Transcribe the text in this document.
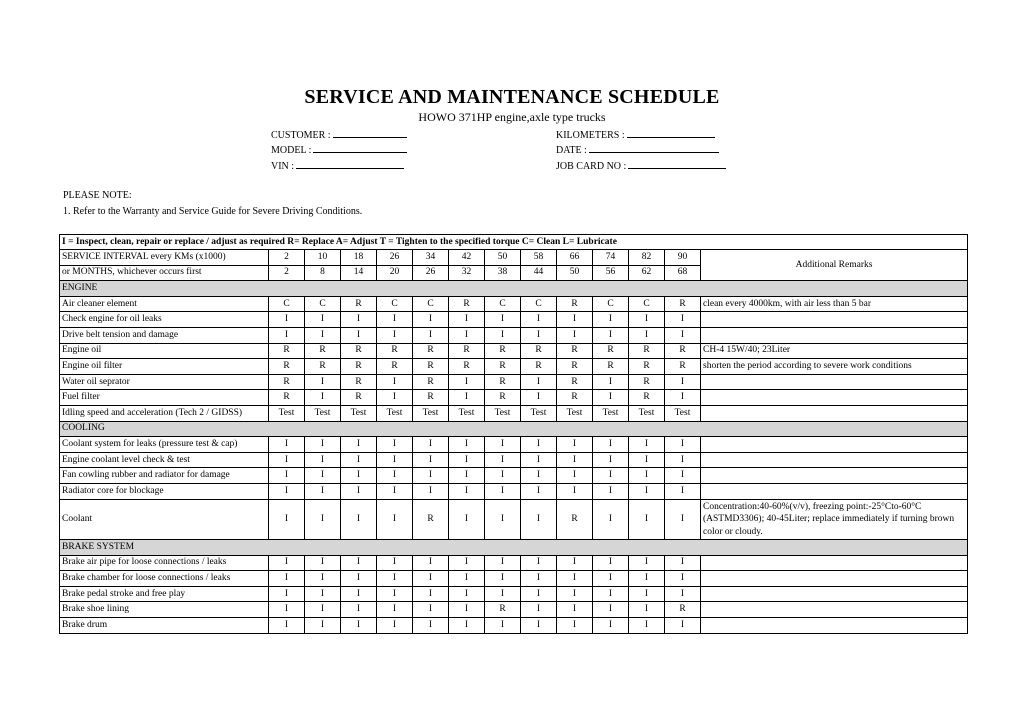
SERVICE AND MAINTENANCE SCHEDULE
HOWO 371HP engine,axle type trucks
CUSTOMER :
MODEL :
VIN :
KILOMETERS :
DATE :
JOB CARD NO :
PLEASE NOTE:
1. Refer to the Warranty and Service Guide for Severe Driving Conditions.
I = Inspect, clean, repair or replace / adjust as required R= Replace A= Adjust T = Tighten to the specified torque C= Clean L= Lubricate													
SERVICE INTERVAL every KMs (x1000)	2	10	18	26	34	42	50	58	66	74	82	90	Additional Remarks
or MONTHS, whichever occurs first	2	8	14	20	26	32	38	44	50	56	62	68	
ENGINE													
Air cleaner element	C	C	R	C	C	R	C	C	R	C	C	R	clean every 4000km, with air less than 5 bar
Check engine for oil leaks	I	I	I	I	I	I	I	I	I	I	I	I	
Drive belt tension and damage	I	I	I	I	I	I	I	I	I	I	I	I	
Engine oil	R	R	R	R	R	R	R	R	R	R	R	R	CH-4 15W/40; 23Liter
Engine oil filter	R	R	R	R	R	R	R	R	R	R	R	R	shorten the period according to severe work conditions
Water oil seprator	R	I	R	I	R	I	R	I	R	I	R	I	
Fuel filter	R	I	R	I	R	I	R	I	R	I	R	I	
Idling speed and acceleration (Tech 2 / GIDSS)	Test	Test	Test	Test	Test	Test	Test	Test	Test	Test	Test	Test	
COOLING													
Coolant system for leaks (pressure test & cap)	I	I	I	I	I	I	I	I	I	I	I	I	
Engine coolant level check & test	I	I	I	I	I	I	I	I	I	I	I	I	
Fan cowling rubber and radiator for damage	I	I	I	I	I	I	I	I	I	I	I	I	
Radiator core for blockage	I	I	I	I	I	I	I	I	I	I	I	I	
Coolant	I	I	I	I	R	I	I	I	R	I	I	I	Concentration:40-60%(v/v), freezing point:-25°Cto-60°C (ASTMD3306); 40-45Liter; replace immediately if turning brown color or cloudy.
BRAKE SYSTEM													
Brake air pipe for loose connections / leaks	I	I	I	I	I	I	I	I	I	I	I	I	
Brake chamber for loose connections / leaks	I	I	I	I	I	I	I	I	I	I	I	I	
Brake pedal stroke and free play	I	I	I	I	I	I	I	I	I	I	I	I	
Brake shoe lining	I	I	I	I	I	I	R	I	I	I	I	R	
Brake drum	I	I	I	I	I	I	I	I	I	I	I	I	
